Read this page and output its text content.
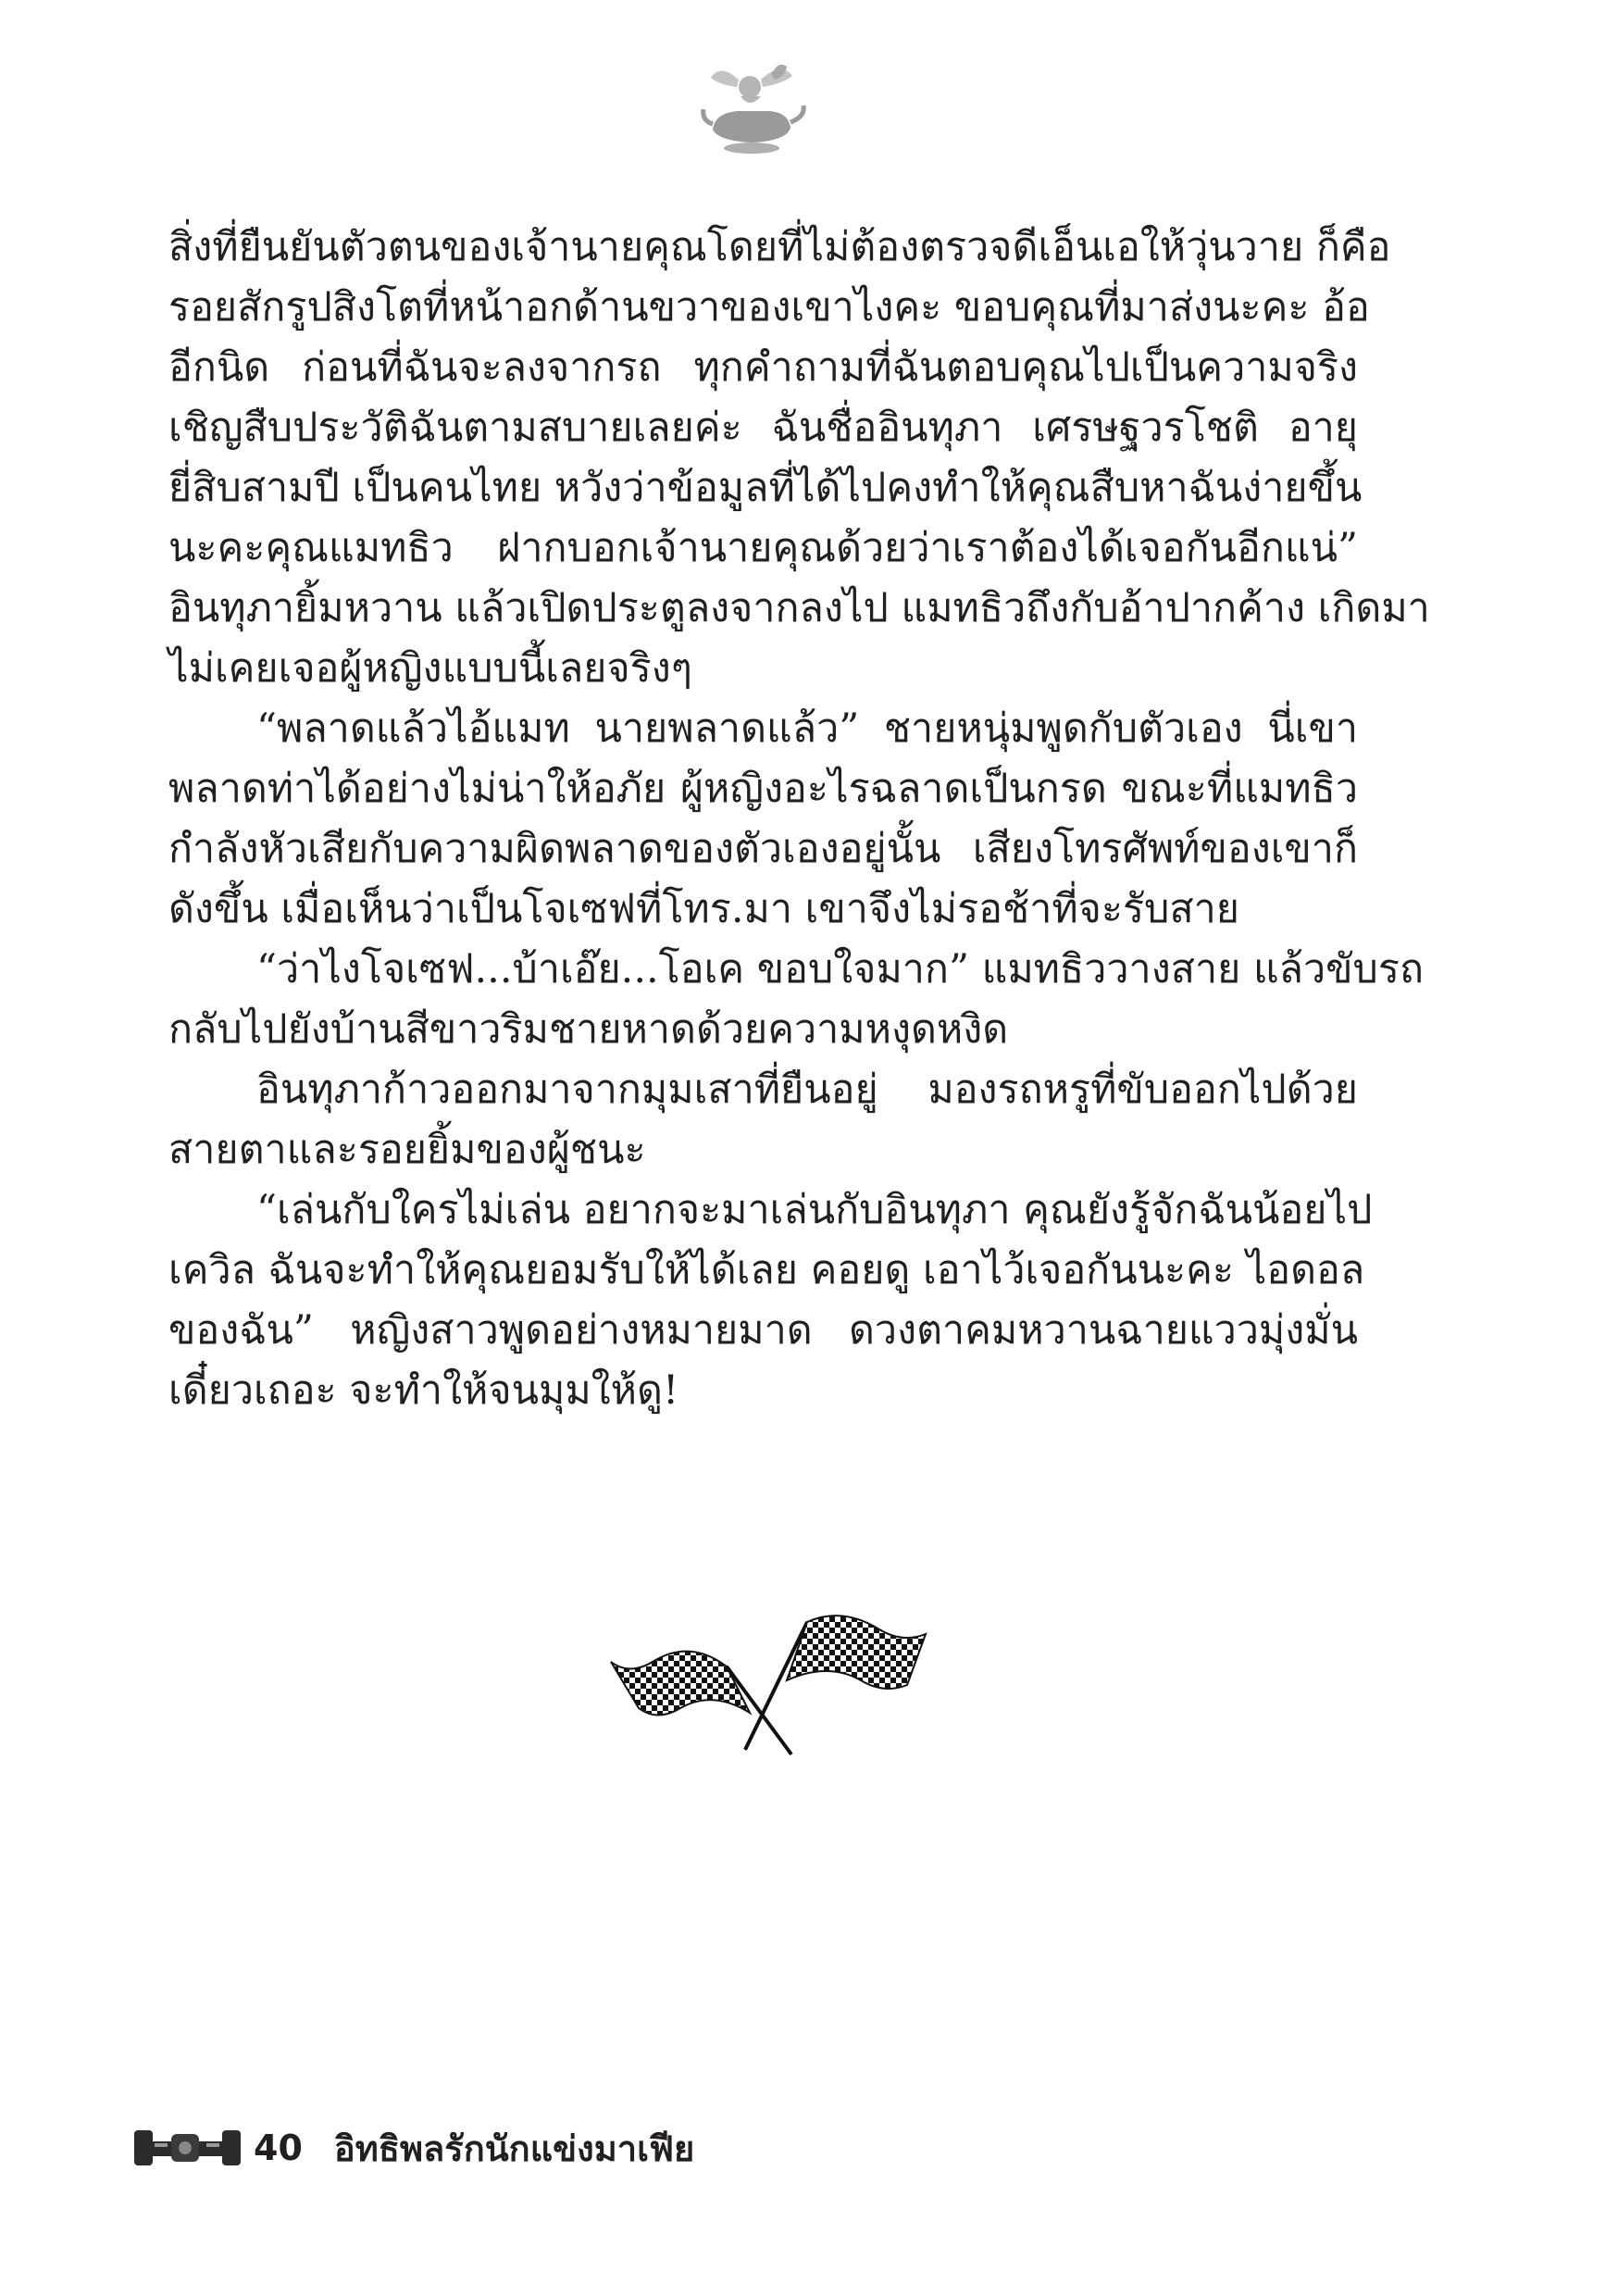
สิ่งที่ยืนยันตัวตนของเจ้านายคุณโดยที่ไม่ต้องตรวจดีเอ็นเอให้วุ่นวาย ก็คือ
รอยสักรูปสิงโตที่หน้าอกด้านขวาของเขาไงคะ ขอบคุณที่มาส่งนะคะ อ้อ
อีกนิด ก่อนที่ฉันจะลงจากรถ ทุกคำถามที่ฉันตอบคุณไปเป็นความจริง
เชิญสืบประวัติฉันตามสบายเลยค่ะ ฉันชื่ออินทุภา เศรษฐวรโชติ อายุ
ยี่สิบสามปี เป็นคนไทย หวังว่าข้อมูลที่ได้ไปคงทำให้คุณสืบหาฉันง่ายขึ้น
นะคะคุณแมทธิว ฝากบอกเจ้านายคุณด้วยว่าเราต้องได้เจอกันอีกแน่”
อินทุภายิ้มหวาน แล้วเปิดประตูลงจากลงไป แมทธิวถึงกับอ้าปากค้าง เกิดมา
ไม่เคยเจอผู้หญิงแบบนี้เลยจริงๆ
“พลาดแล้วไอ้แมท นายพลาดแล้ว” ชายหนุ่มพูดกับตัวเอง นี่เขา
พลาดท่าได้อย่างไม่น่าให้อภัย ผู้หญิงอะไรฉลาดเป็นกรด ขณะที่แมทธิว
กำลังหัวเสียกับความผิดพลาดของตัวเองอยู่นั้น เสียงโทรศัพท์ของเขาก็
ดังขึ้น เมื่อเห็นว่าเป็นโจเซฟที่โทร.มา เขาจึงไม่รอช้าที่จะรับสาย
“ว่าไงโจเซฟ...บ้าเอ๊ย...โอเค ขอบใจมาก” แมทธิววางสาย แล้วขับรถ
กลับไปยังบ้านสีขาวริมชายหาดด้วยความหงุดหงิด
อินทุภาก้าวออกมาจากมุมเสาที่ยืนอยู่ มองรถหรูที่ขับออกไปด้วย
สายตาและรอยยิ้มของผู้ชนะ
“เล่นกับใครไม่เล่น อยากจะมาเล่นกับอินทุภา คุณยังรู้จักฉันน้อยไป
เควิล ฉันจะทำให้คุณยอมรับให้ได้เลย คอยดู เอาไว้เจอกันนะคะ ไอดอล
ของฉัน” หญิงสาวพูดอย่างหมายมาด ดวงตาคมหวานฉายแววมุ่งมั่น
เดี๋ยวเถอะ จะทำให้จนมุมให้ดู!
40 อิทธิพลรักนักแข่งมาเฟีย
